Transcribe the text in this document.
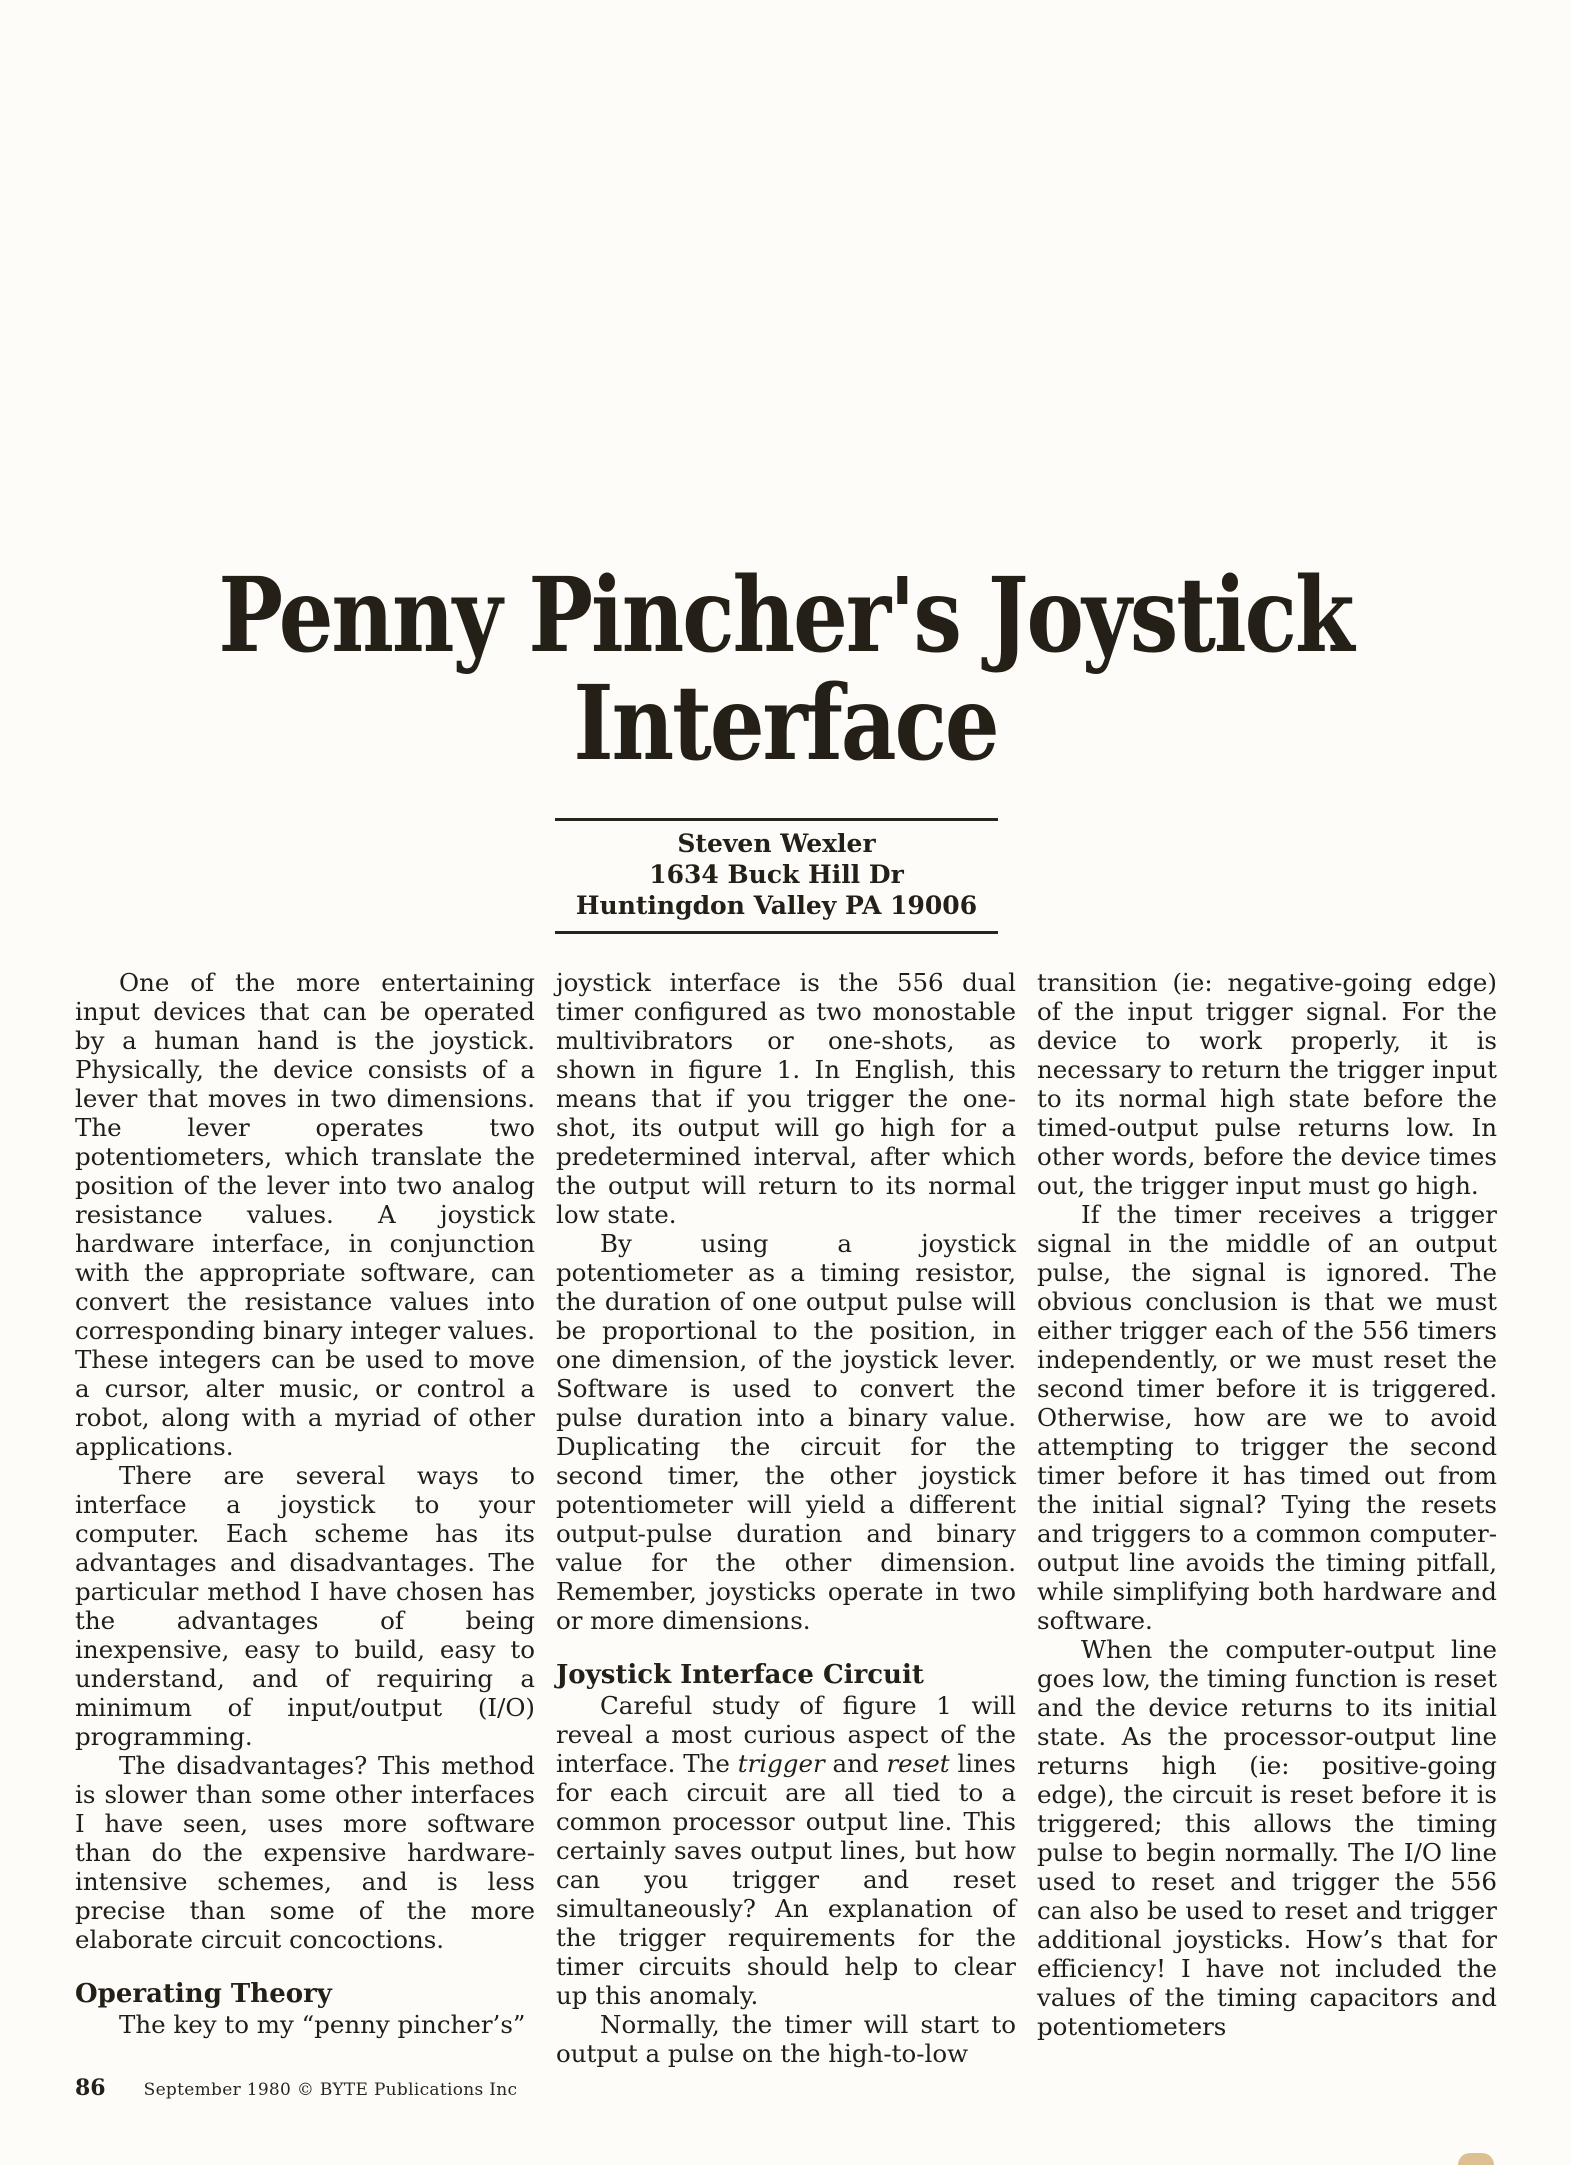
Penny Pincher's Joystick
Interface
Steven Wexler
1634 Buck Hill Dr
Huntingdon Valley PA 19006

One of the more entertaining input devices that can be operated by a human hand is the joystick. Physically, the device consists of a lever that moves in two dimensions. The lever operates two potentiometers, which translate the position of the lever into two analog resistance values. A joystick hardware interface, in conjunction with the appropriate software, can convert the resistance values into corresponding binary integer values. These integers can be used to move a cursor, alter music, or control a robot, along with a myriad of other applications.

There are several ways to interface a joystick to your computer. Each scheme has its advantages and disadvantages. The particular method I have chosen has the advantages of being inexpensive, easy to build, easy to understand, and of requiring a minimum of input/output (I/O) programming.

The disadvantages? This method is slower than some other interfaces I have seen, uses more software than do the expensive hardware-intensive schemes, and is less precise than some of the more elaborate circuit concoctions.

Operating Theory

The key to my “penny pincher’s”

joystick interface is the 556 dual timer configured as two monostable multivibrators or one-shots, as shown in figure 1. In English, this means that if you trigger the one-shot, its output will go high for a predetermined interval, after which the output will return to its normal low state.

By using a joystick potentiometer as a timing resistor, the duration of one output pulse will be proportional to the position, in one dimension, of the joystick lever. Software is used to convert the pulse duration into a binary value. Duplicating the circuit for the second timer, the other joystick potentiometer will yield a different output-pulse duration and binary value for the other dimension. Remember, joysticks operate in two or more dimensions.

Joystick Interface Circuit

Careful study of figure 1 will reveal a most curious aspect of the interface. The trigger and reset lines for each circuit are all tied to a common processor output line. This certainly saves output lines, but how can you trigger and reset simultaneously? An explanation of the trigger requirements for the timer circuits should help to clear up this anomaly.

Normally, the timer will start to output a pulse on the high-to-low

transition (ie: negative-going edge) of the input trigger signal. For the device to work properly, it is necessary to return the trigger input to its normal high state before the timed-output pulse returns low. In other words, before the device times out, the trigger input must go high.

If the timer receives a trigger signal in the middle of an output pulse, the signal is ignored. The obvious conclusion is that we must either trigger each of the 556 timers independently, or we must reset the second timer before it is triggered. Otherwise, how are we to avoid attempting to trigger the second timer before it has timed out from the initial signal? Tying the resets and triggers to a common computer-output line avoids the timing pitfall, while simplifying both hardware and software.

When the computer-output line goes low, the timing function is reset and the device returns to its initial state. As the processor-output line returns high (ie: positive-going edge), the circuit is reset before it is triggered; this allows the timing pulse to begin normally. The I/O line used to reset and trigger the 556 can also be used to reset and trigger additional joysticks. How’s that for efficiency! I have not included the values of the timing capacitors and potentiometers

86 September 1980 © BYTE Publications Inc
